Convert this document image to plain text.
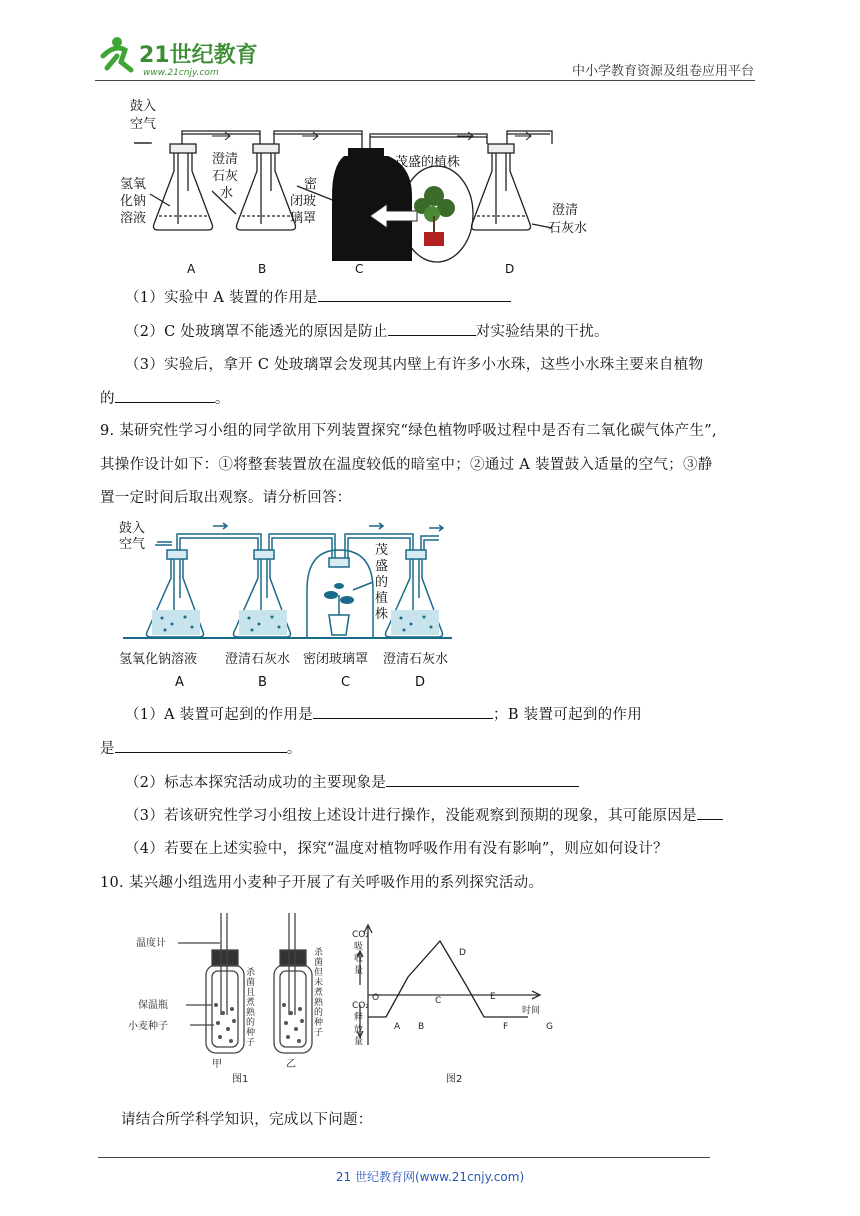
21世纪教育
www.21cnjy.com	中小学教育资源及组卷应用平台
鼓入
空气
氢氧
化钠
溶液
澄清
石灰
水
密
闭玻
璃罩
茂盛的植株
澄清
石灰水
A	B	C	D
（1）实验中 A 装置的作用是
（2）C 处玻璃罩不能透光的原因是防止	对实验结果的干扰。
（3）实验后，拿开 C 处玻璃罩会发现其内壁上有许多小水珠，这些小水珠主要来自植物
的	。
9. 某研究性学习小组的同学欲用下列装置探究“绿色植物呼吸过程中是否有二氧化碳气体产生”,
其操作设计如下：①将整套装置放在温度较低的暗室中；②通过 A 装置鼓入适量的空气；③静
置一定时间后取出观察。请分析回答：
鼓入
空气	茂
盛
的
植
株
氢氧化钠溶液 澄清石灰水 密闭玻璃罩 澄清石灰水
A	B	C	D
（1）A 装置可起到的作用是	；B 装置可起到的作用
是	。
（2）标志本探究活动成功的主要现象是
（3）若该研究性学习小组按上述设计进行操作，没能观察到预期的现象，其可能原因是
（4）若要在上述实验中，探究“温度对植物呼吸作用有没有影响”，则应如何设计？
10. 某兴趣小组选用小麦种子开展了有关呼吸作用的系列探究活动。
温度计
保温瓶
小麦种子
甲	乙
图1	图2
杀
菌
且
煮
熟
的
种
子
杀
菌
但
未
煮
熟
的
种
子
CO₂
吸
收
量
CO₂
释
放
量
O
时间
A B
C
D
E
F	G
请结合所学科学知识，完成以下问题：
21 世纪教育网(www.21cnjy.com)
